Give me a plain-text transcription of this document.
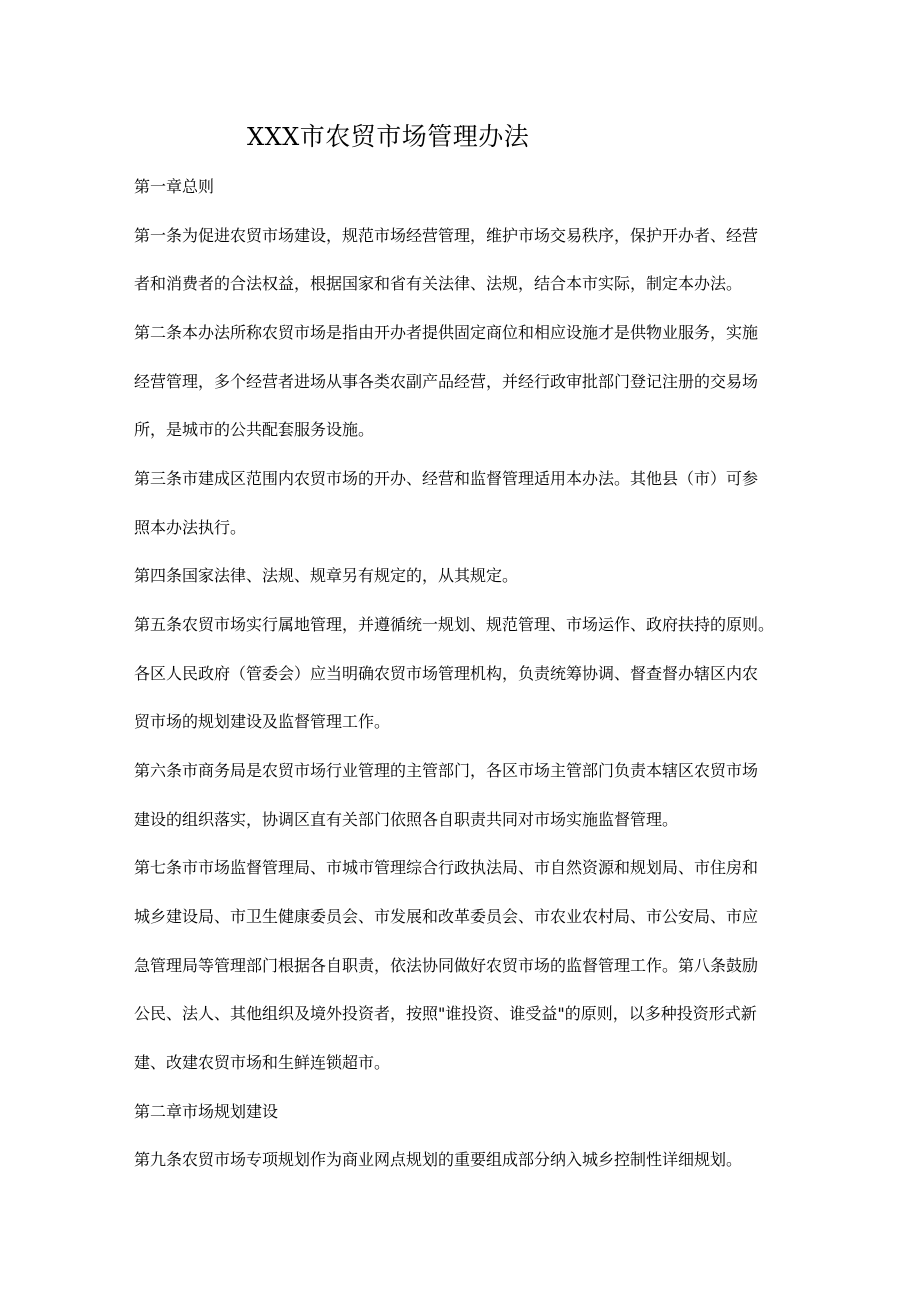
XXX市农贸市场管理办法
第一章总则
第一条为促进农贸市场建设，规范市场经营管理，维护市场交易秩序，保护开办者、经营
者和消费者的合法权益，根据国家和省有关法律、法规，结合本市实际，制定本办法。
第二条本办法所称农贸市场是指由开办者提供固定商位和相应设施才是供物业服务，实施
经营管理，多个经营者进场从事各类农副产品经营，并经行政审批部门登记注册的交易场
所，是城市的公共配套服务设施。
第三条市建成区范围内农贸市场的开办、经营和监督管理适用本办法。其他县（市）可参
照本办法执行。
第四条国家法律、法规、规章另有规定的，从其规定。
第五条农贸市场实行属地管理，并遵循统一规划、规范管理、市场运作、政府扶持的原则。
各区人民政府（管委会）应当明确农贸市场管理机构，负责统筹协调、督查督办辖区内农
贸市场的规划建设及监督管理工作。
第六条市商务局是农贸市场行业管理的主管部门，各区市场主管部门负责本辖区农贸市场
建设的组织落实，协调区直有关部门依照各自职责共同对市场实施监督管理。
第七条市市场监督管理局、市城市管理综合行政执法局、市自然资源和规划局、市住房和
城乡建设局、市卫生健康委员会、市发展和改革委员会、市农业农村局、市公安局、市应
急管理局等管理部门根据各自职责，依法协同做好农贸市场的监督管理工作。第八条鼓励
公民、法人、其他组织及境外投资者，按照"谁投资、谁受益"的原则，以多种投资形式新
建、改建农贸市场和生鲜连锁超市。
第二章市场规划建设
第九条农贸市场专项规划作为商业网点规划的重要组成部分纳入城乡控制性详细规划。
